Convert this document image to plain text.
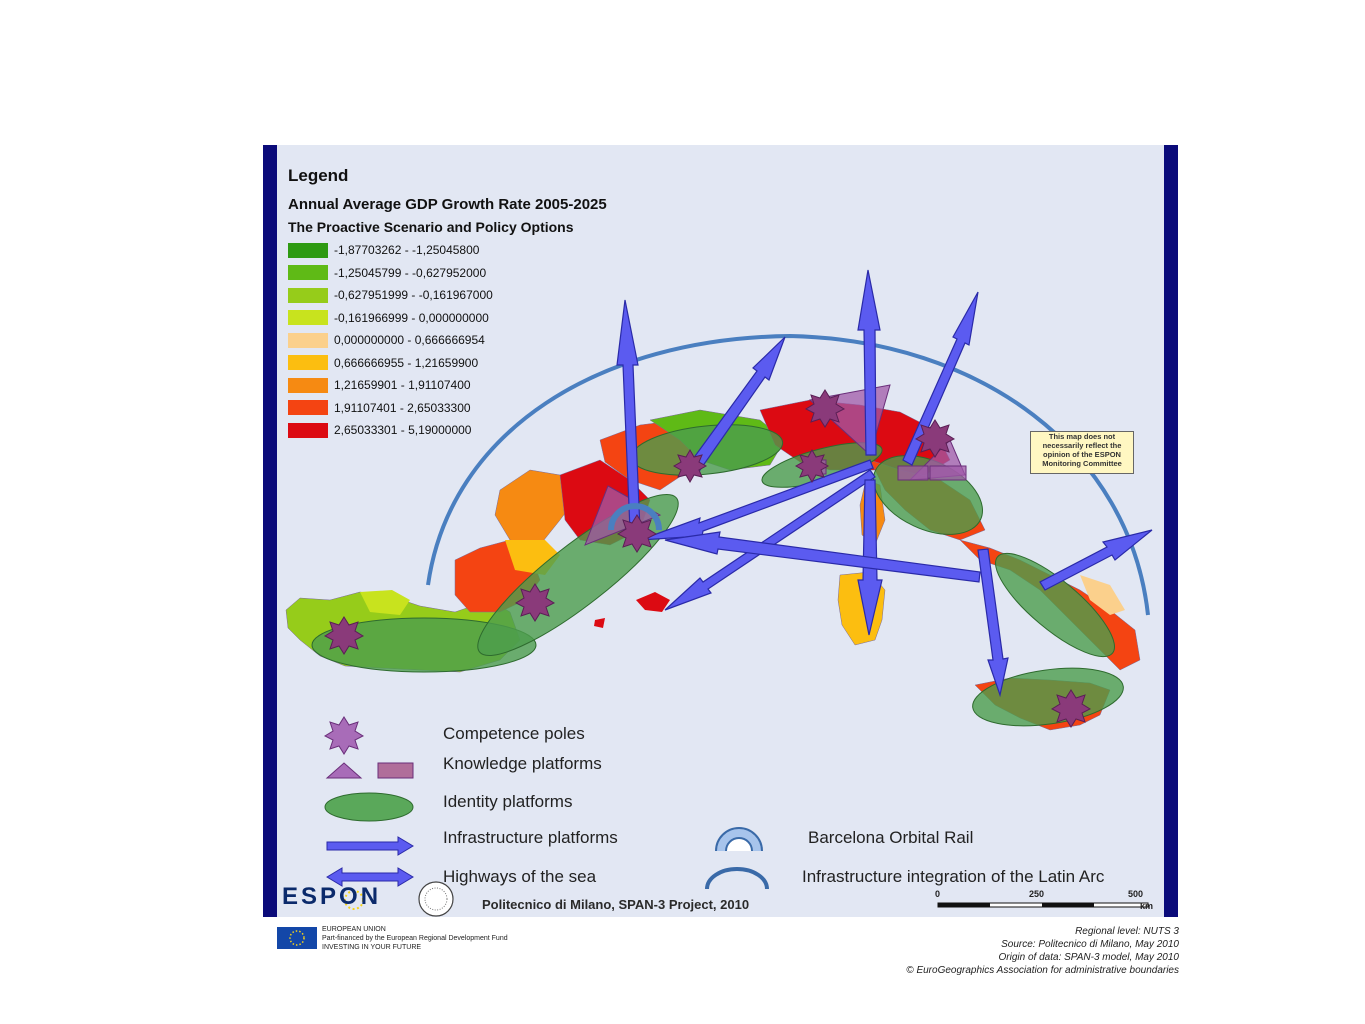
Legend
Annual Average GDP Growth Rate 2005-2025
The Proactive Scenario and Policy Options
-1,87703262 - -1,25045800
-1,25045799 - -0,627952000
-0,627951999 - -0,161967000
-0,161966999 - 0,000000000
0,000000000 - 0,666666954
0,666666955 - 1,21659900
1,21659901 - 1,91107400
1,91107401 - 2,65033300
2,65033301 - 5,19000000	This map does not necessarily reflect the opinion of the ESPON Monitoring Committee
Competence poles
Knowledge platforms
Identity platforms
Infrastructure platforms
Highways of the sea
Barcelona Orbital Rail
Infrastructure integration of the Latin Arc
ESPON	Politecnico di Milano, SPAN-3 Project, 2010
0	250	500
km
EUROPEAN UNION
Part-financed by the European Regional Development Fund
INVESTING IN YOUR FUTURE
Regional level: NUTS 3
Source: Politecnico di Milano, May 2010
Origin of data: SPAN-3 model, May 2010
© EuroGeographics Association for administrative boundaries
